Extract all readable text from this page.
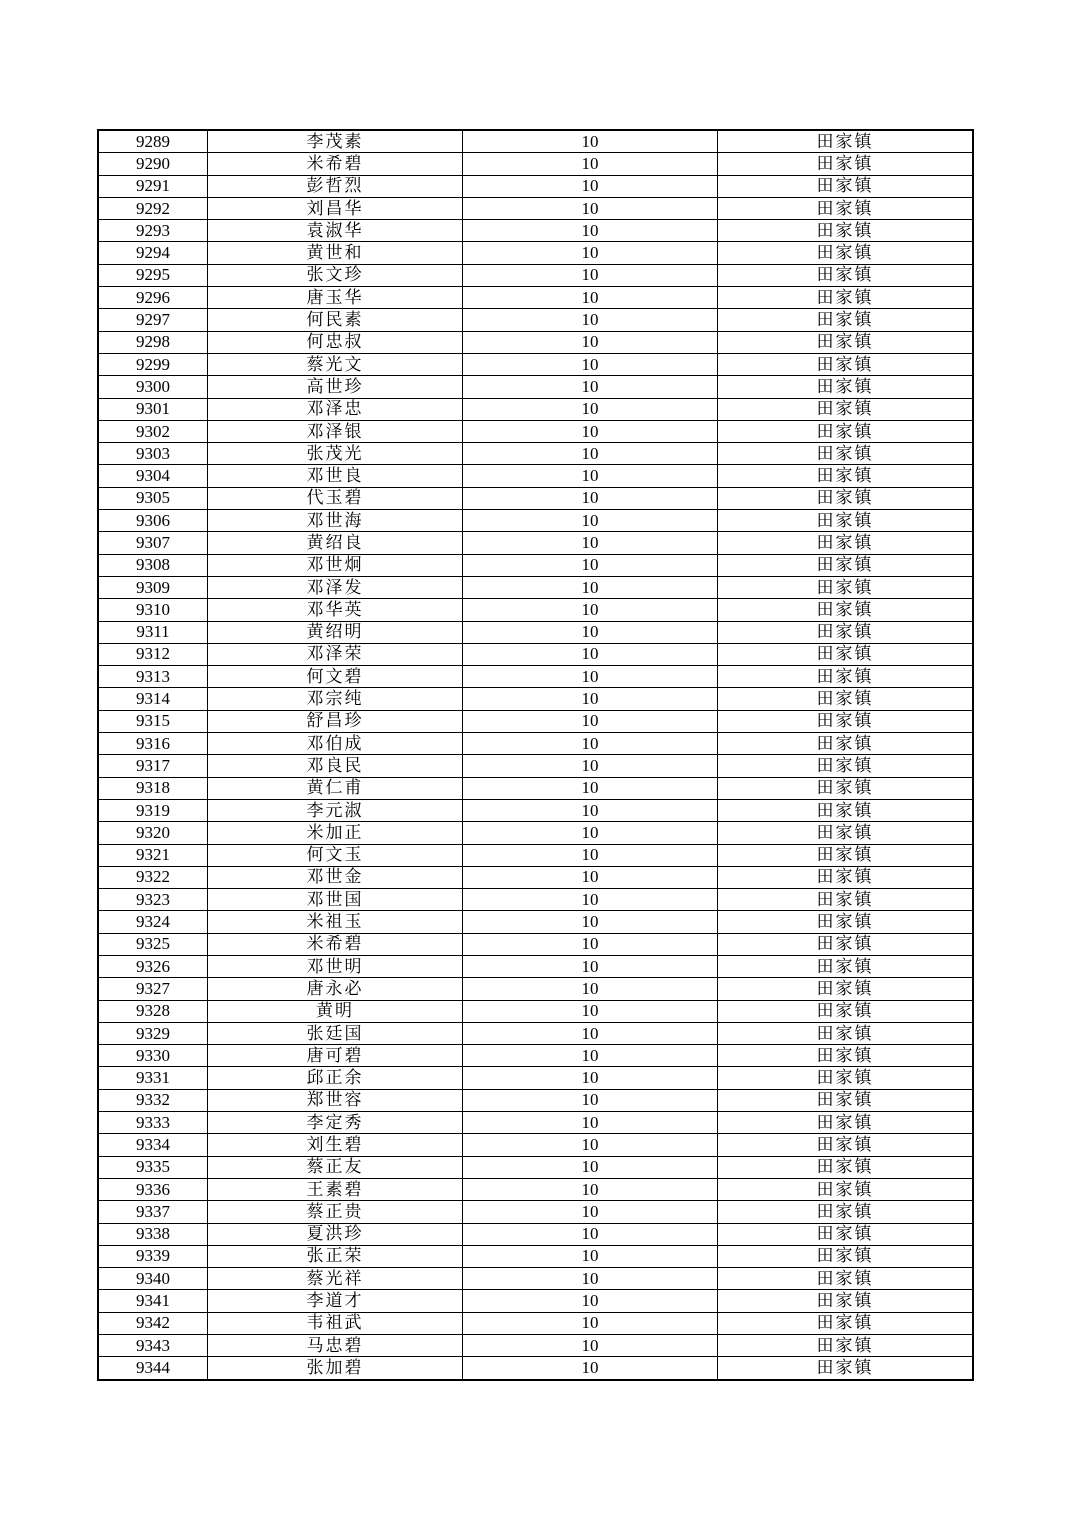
9289	李茂素	10	田家镇
9290	米希碧	10	田家镇
9291	彭哲烈	10	田家镇
9292	刘昌华	10	田家镇
9293	袁淑华	10	田家镇
9294	黄世和	10	田家镇
9295	张文珍	10	田家镇
9296	唐玉华	10	田家镇
9297	何民素	10	田家镇
9298	何忠叔	10	田家镇
9299	蔡光文	10	田家镇
9300	高世珍	10	田家镇
9301	邓泽忠	10	田家镇
9302	邓泽银	10	田家镇
9303	张茂光	10	田家镇
9304	邓世良	10	田家镇
9305	代玉碧	10	田家镇
9306	邓世海	10	田家镇
9307	黄绍良	10	田家镇
9308	邓世炯	10	田家镇
9309	邓泽发	10	田家镇
9310	邓华英	10	田家镇
9311	黄绍明	10	田家镇
9312	邓泽荣	10	田家镇
9313	何文碧	10	田家镇
9314	邓宗纯	10	田家镇
9315	舒昌珍	10	田家镇
9316	邓伯成	10	田家镇
9317	邓良民	10	田家镇
9318	黄仁甫	10	田家镇
9319	李元淑	10	田家镇
9320	米加正	10	田家镇
9321	何文玉	10	田家镇
9322	邓世金	10	田家镇
9323	邓世国	10	田家镇
9324	米祖玉	10	田家镇
9325	米希碧	10	田家镇
9326	邓世明	10	田家镇
9327	唐永必	10	田家镇
9328	黄明	10	田家镇
9329	张廷国	10	田家镇
9330	唐可碧	10	田家镇
9331	邱正余	10	田家镇
9332	郑世容	10	田家镇
9333	李定秀	10	田家镇
9334	刘生碧	10	田家镇
9335	蔡正友	10	田家镇
9336	王素碧	10	田家镇
9337	蔡正贵	10	田家镇
9338	夏洪珍	10	田家镇
9339	张正荣	10	田家镇
9340	蔡光祥	10	田家镇
9341	李道才	10	田家镇
9342	韦祖武	10	田家镇
9343	马忠碧	10	田家镇
9344	张加碧	10	田家镇
